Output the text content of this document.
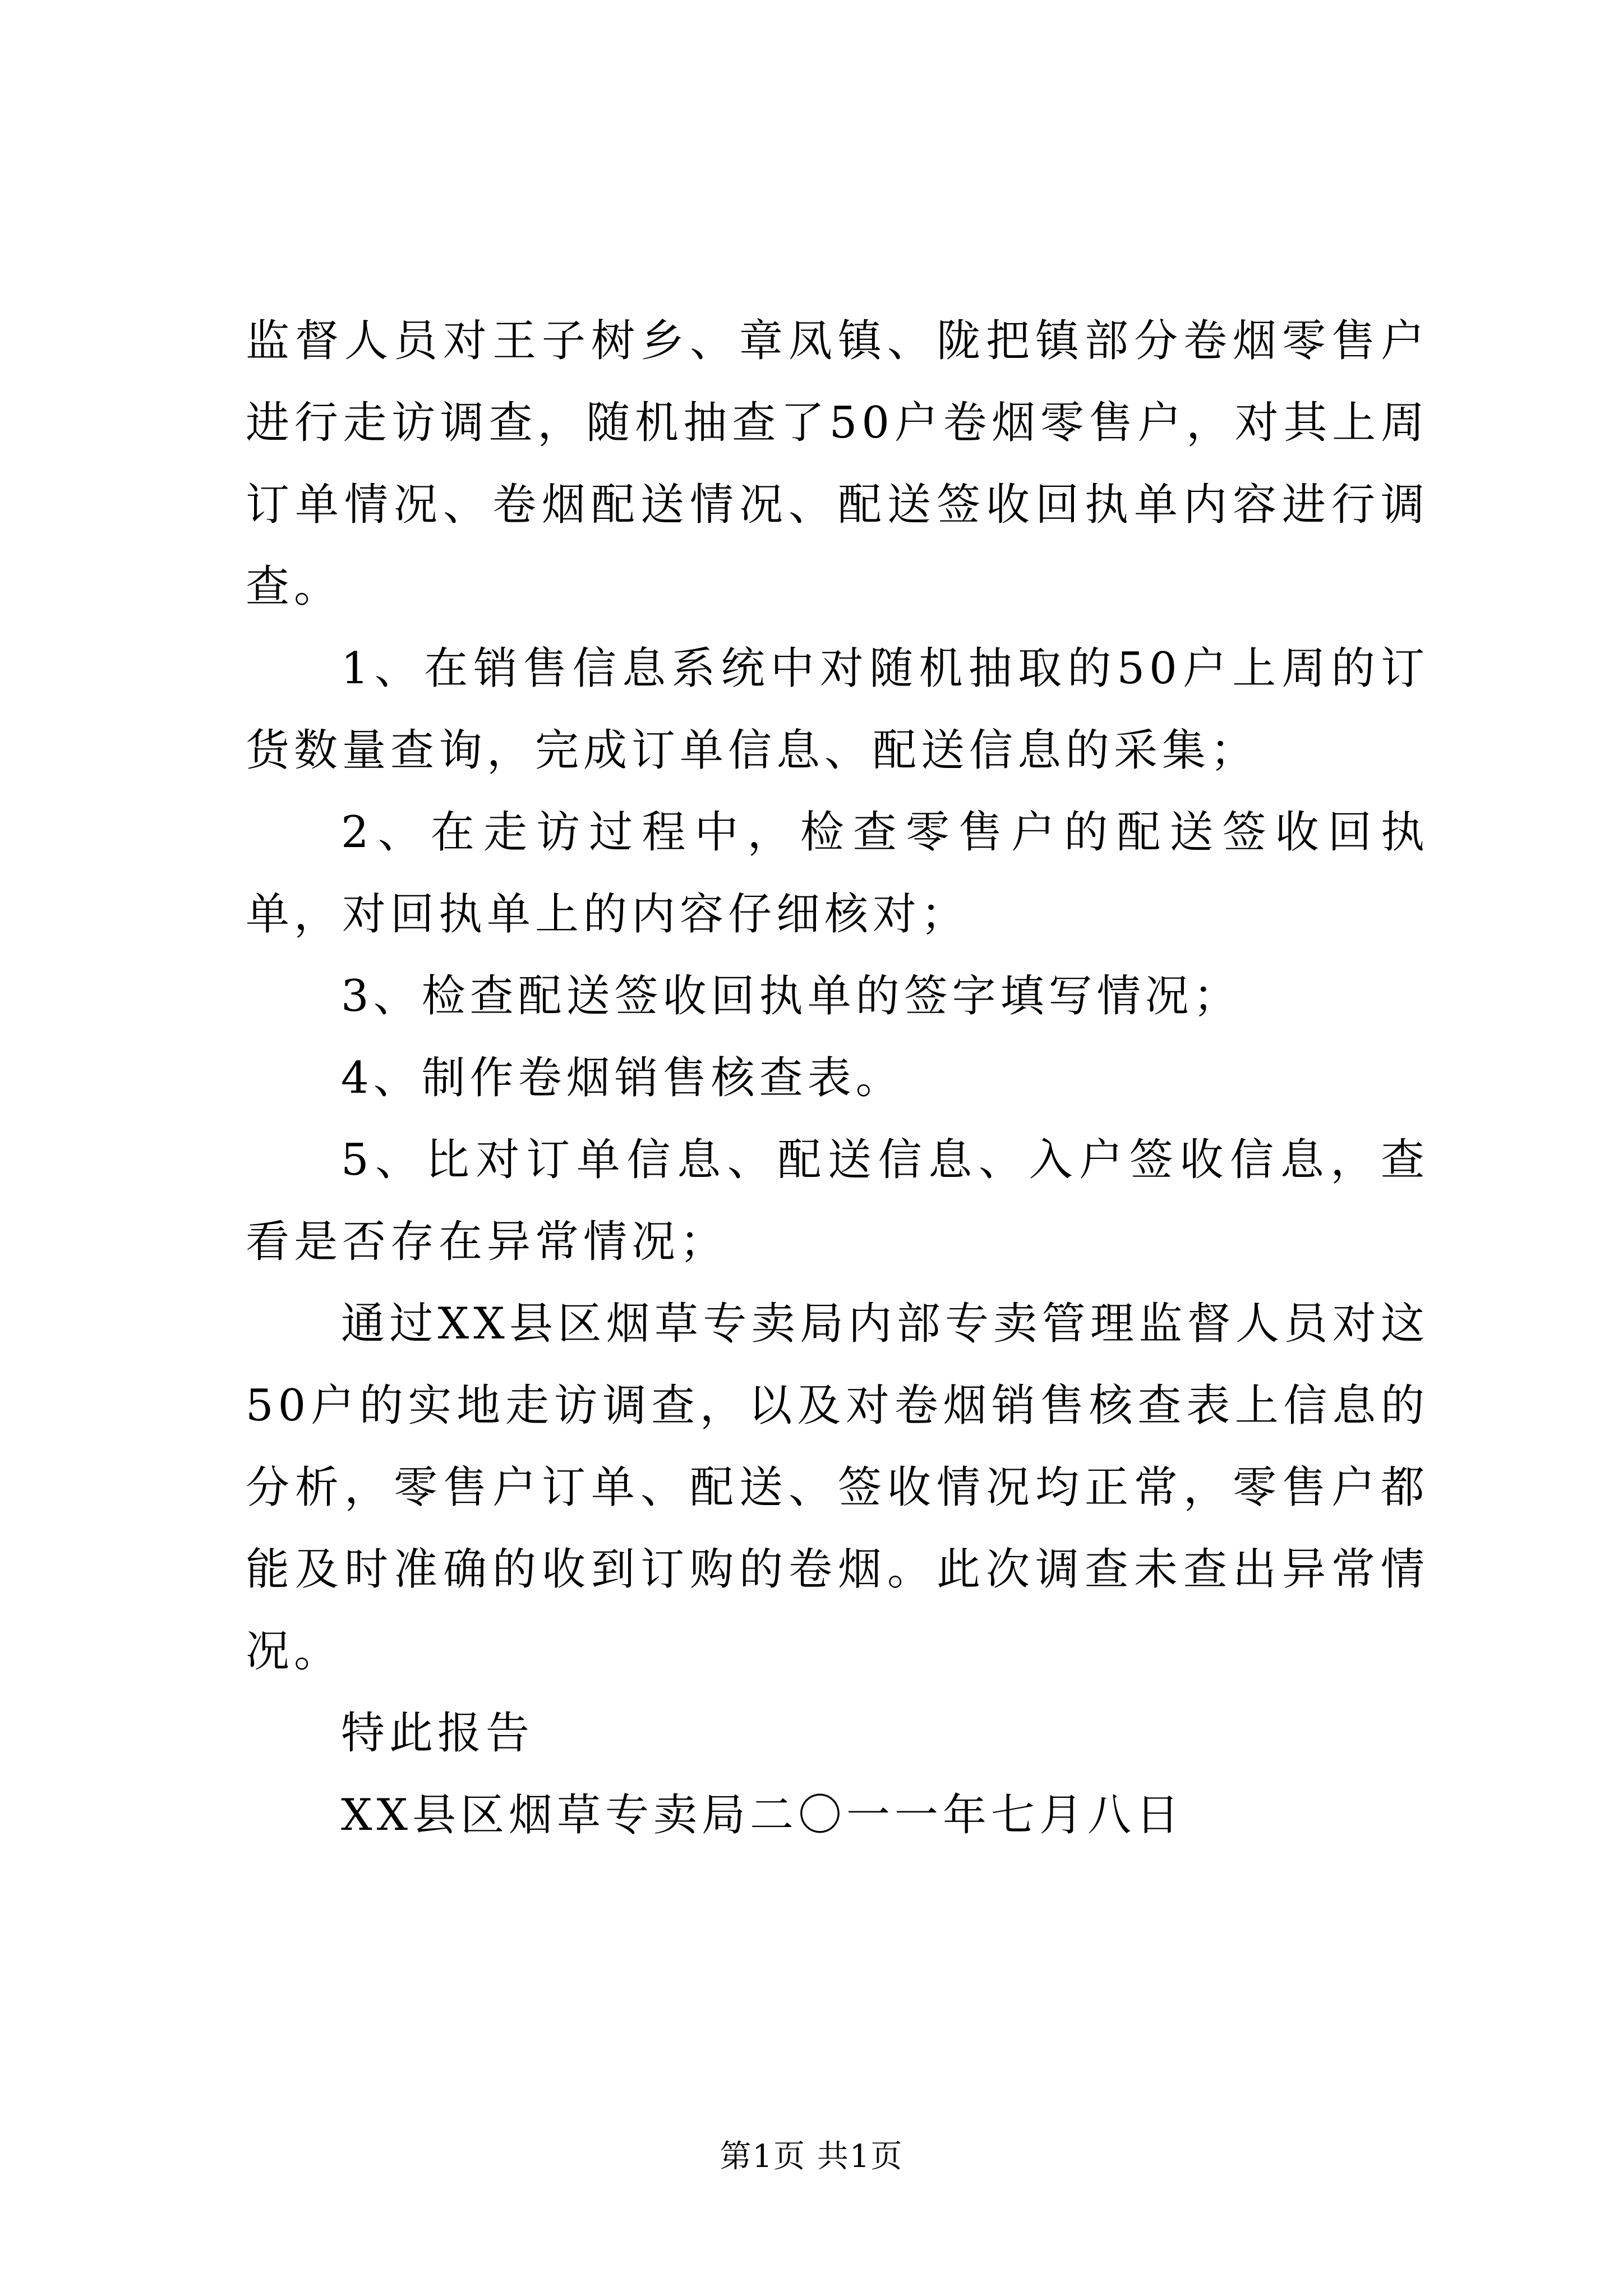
监督人员对王子树乡、章凤镇、陇把镇部分卷烟零售户进行走访调查，随机抽查了50户卷烟零售户，对其上周订单情况、卷烟配送情况、配送签收回执单内容进行调查。

1、在销售信息系统中对随机抽取的50户上周的订货数量查询，完成订单信息、配送信息的采集；

2、在走访过程中，检查零售户的配送签收回执单，对回执单上的内容仔细核对；

3、检查配送签收回执单的签字填写情况；

4、制作卷烟销售核查表。

5、比对订单信息、配送信息、入户签收信息，查看是否存在异常情况；

通过XX县区烟草专卖局内部专卖管理监督人员对这50户的实地走访调查，以及对卷烟销售核查表上信息的分析，零售户订单、配送、签收情况均正常，零售户都能及时准确的收到订购的卷烟。此次调查未查出异常情况。

特此报告

XX县区烟草专卖局二〇一一年七月八日

第1页 共1页
